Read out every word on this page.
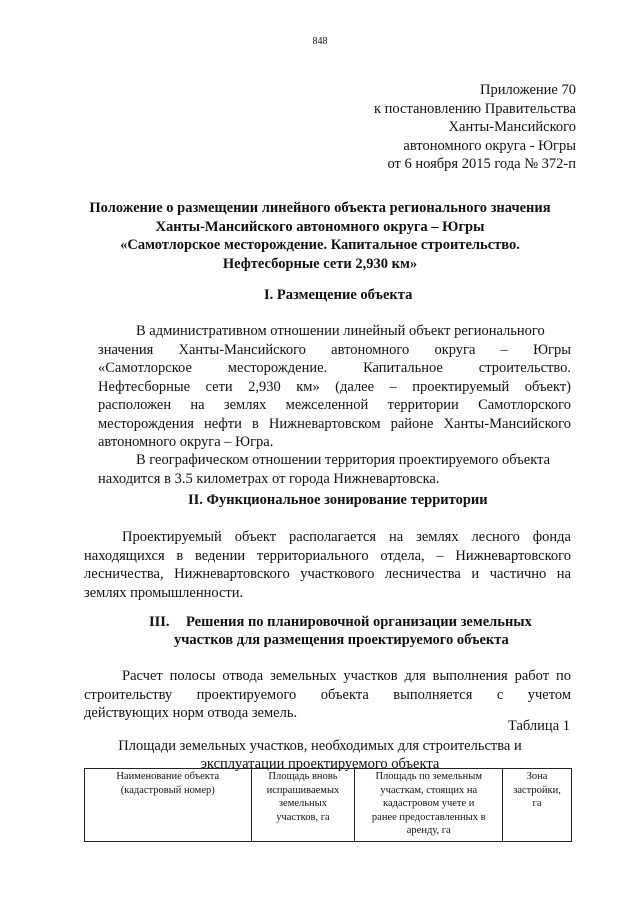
848
Приложение 70
к постановлению Правительства
Ханты-Мансийского
автономного округа - Югры
от 6 ноября 2015 года № 372-п
Положение о размещении линейного объекта регионального значения
Ханты-Мансийского автономного округа – Югры
«Самотлорское месторождение. Капитальное строительство.
Нефтесборные сети 2,930 км»
I. Размещение объекта
В административном отношении линейный объект регионального
значения Ханты-Мансийского автономного округа – Югры
«Самотлорское месторождение. Капитальное строительство.
Нефтесборные сети 2,930 км» (далее – проектируемый объект)
расположен на землях межселенной территории Самотлорского
месторождения нефти в Нижневартовском районе Ханты-Мансийского
автономного округа – Югра.
В географическом отношении территория проектируемого объекта
находится в 3.5 километрах от города Нижневартовска.
II. Функциональное зонирование территории
Проектируемый объект располагается на землях лесного фонда
находящихся в ведении территориального отдела, – Нижневартовского
лесничества, Нижневартовского участкового лесничества и частично на
землях промышленности.
III. Решения по планировочной организации земельных
участков для размещения проектируемого объекта
Расчет полосы отвода земельных участков для выполнения работ по
строительству проектируемого объекта выполняется с учетом
действующих норм отвода земель.
Таблица 1
Площади земельных участков, необходимых для строительства и
эксплуатации проектируемого объекта
Наименование объекта
(кадастровый номер)

Площадь вновь
испрашиваемых
земельных
участков, га

Площадь по земельным
участкам, стоящих на
кадастровом учете и
ранее предоставленных в
аренду, га

Зона
застройки,
га
